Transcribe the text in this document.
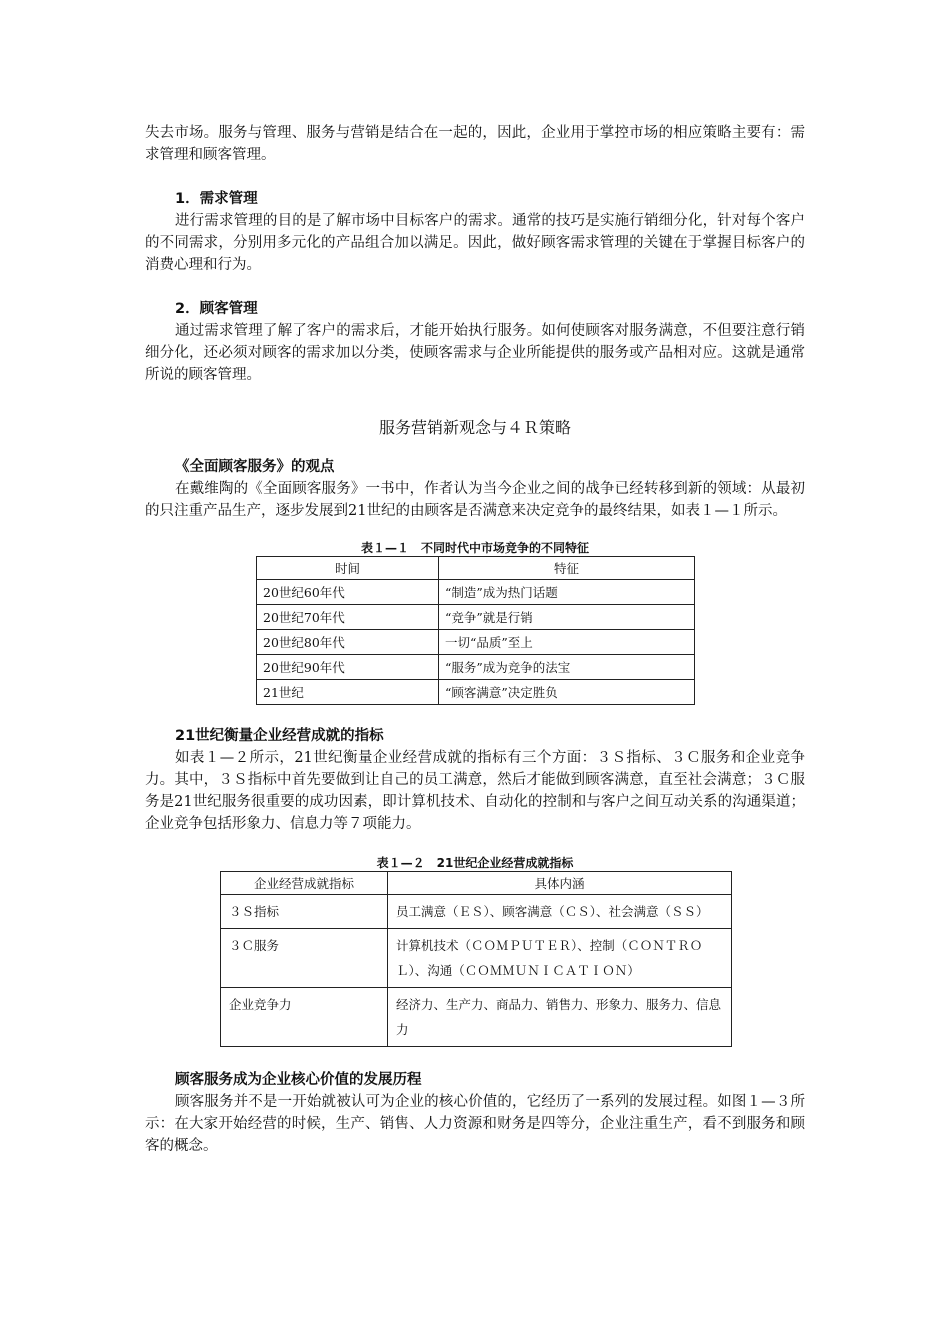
失去市场。服务与管理、服务与营销是结合在一起的，因此，企业用于掌控市场的相应策略主要有：需求管理和顾客管理。

1．需求管理

进行需求管理的目的是了解市场中目标客户的需求。通常的技巧是实施行销细分化，针对每个客户的不同需求，分别用多元化的产品组合加以满足。因此，做好顾客需求管理的关键在于掌握目标客户的消费心理和行为。

2．顾客管理

通过需求管理了解了客户的需求后，才能开始执行服务。如何使顾客对服务满意，不但要注意行销细分化，还必须对顾客的需求加以分类，使顾客需求与企业所能提供的服务或产品相对应。这就是通常所说的顾客管理。

服务营销新观念与４Ｒ策略

《全面顾客服务》的观点

在戴维陶的《全面顾客服务》一书中，作者认为当今企业之间的战争已经转移到新的领域：从最初的只注重产品生产，逐步发展到21世纪的由顾客是否满意来决定竞争的最终结果，如表１—１所示。

表１—１　不同时代中市场竞争的不同特征

时间	特征
20世纪60年代	“制造”成为热门话题
20世纪70年代	“竞争”就是行销
20世纪80年代	一切“品质”至上
20世纪90年代	“服务”成为竞争的法宝
21世纪	“顾客满意”决定胜负

21世纪衡量企业经营成就的指标

如表１—２所示，21世纪衡量企业经营成就的指标有三个方面：３Ｓ指标、３Ｃ服务和企业竞争力。其中，３Ｓ指标中首先要做到让自己的员工满意，然后才能做到顾客满意，直至社会满意；３Ｃ服务是21世纪服务很重要的成功因素，即计算机技术、自动化的控制和与客户之间互动关系的沟通渠道；企业竞争包括形象力、信息力等７项能力。

表１—２　21世纪企业经营成就指标

企业经营成就指标	具体内涵
３Ｓ指标	员工满意（ＥＳ）、顾客满意（ＣＳ）、社会满意（ＳＳ）
３Ｃ服务	计算机技术（ＣＯＭＰＵＴＥＲ）、控制（ＣＯＮＴＲＯＬ）、沟通（ＣＯＭＭＵＮＩＣＡＴＩＯＮ）
企业竞争力	经济力、生产力、商品力、销售力、形象力、服务力、信息力

顾客服务成为企业核心价值的发展历程

顾客服务并不是一开始就被认可为企业的核心价值的，它经历了一系列的发展过程。如图１—３所示：在大家开始经营的时候，生产、销售、人力资源和财务是四等分，企业注重生产，看不到服务和顾客的概念。
